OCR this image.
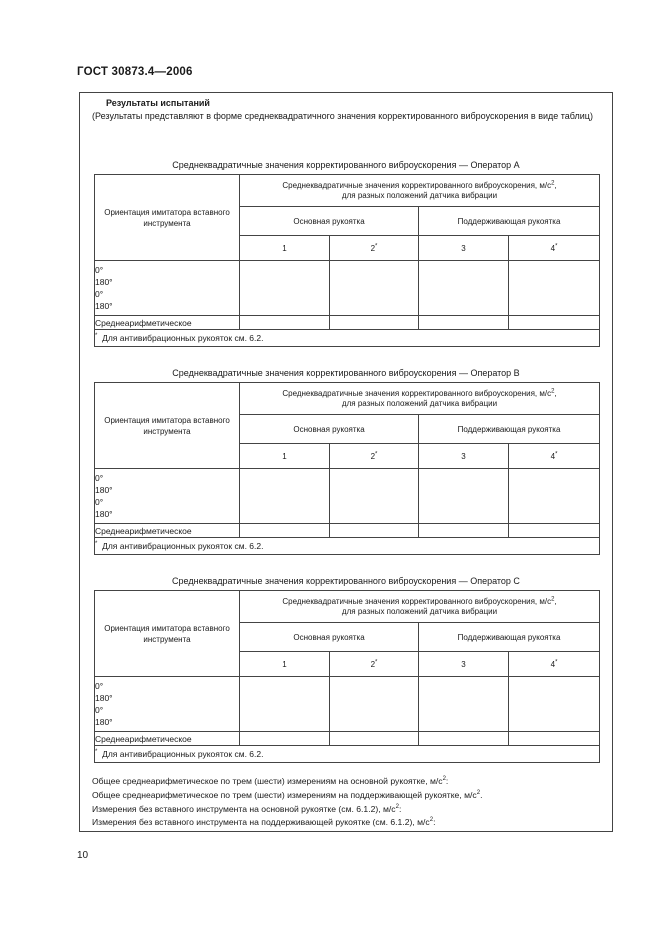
ГОСТ 30873.4—2006
Результаты испытаний
(Результаты представляют в форме среднеквадратичного значения корректированного виброускорения в виде таблиц)
Среднеквадратичные значения корректированного виброускорения — Оператор А
Ориентация имитатора вставного инструмента	Среднеквадратичные значения корректированного виброускорения, $м/с^2$,
для разных положений датчика вибрации			
	Основная рукоятка		Поддерживающая рукоятка	
	1	2*	3	4*

0°
180°
0°
180°				

Среднеарифметическое				
* Для антивибрационных рукояток см. 6.2.				
Среднеквадратичные значения корректированного виброускорения — Оператор В
Ориентация имитатора вставного инструмента	Среднеквадратичные значения корректированного виброускорения, $м/с^2$,
для разных положений датчика вибрации			
	Основная рукоятка		Поддерживающая рукоятка	
	1	2*	3	4*

0°
180°
0°
180°				

Среднеарифметическое				
* Для антивибрационных рукояток см. 6.2.				
Среднеквадратичные значения корректированного виброускорения — Оператор С
Ориентация имитатора вставного инструмента	Среднеквадратичные значения корректированного виброускорения, $м/с^2$,
для разных положений датчика вибрации			
	Основная рукоятка		Поддерживающая рукоятка	
	1	2*	3	4*

0°
180°
0°
180°				

Среднеарифметическое				
* Для антивибрационных рукояток см. 6.2.				
Общее среднеарифметическое по трем (шести) измерениям на основной рукоятке, $м/с^2$:
Общее среднеарифметическое по трем (шести) измерениям на поддерживающей рукоятке, $м/с^2$.
Измерения без вставного инструмента на основной рукоятке (см. 6.1.2), $м/с^2$:
Измерения без вставного инструмента на поддерживающей рукоятке (см. 6.1.2), $м/с^2$:
10
